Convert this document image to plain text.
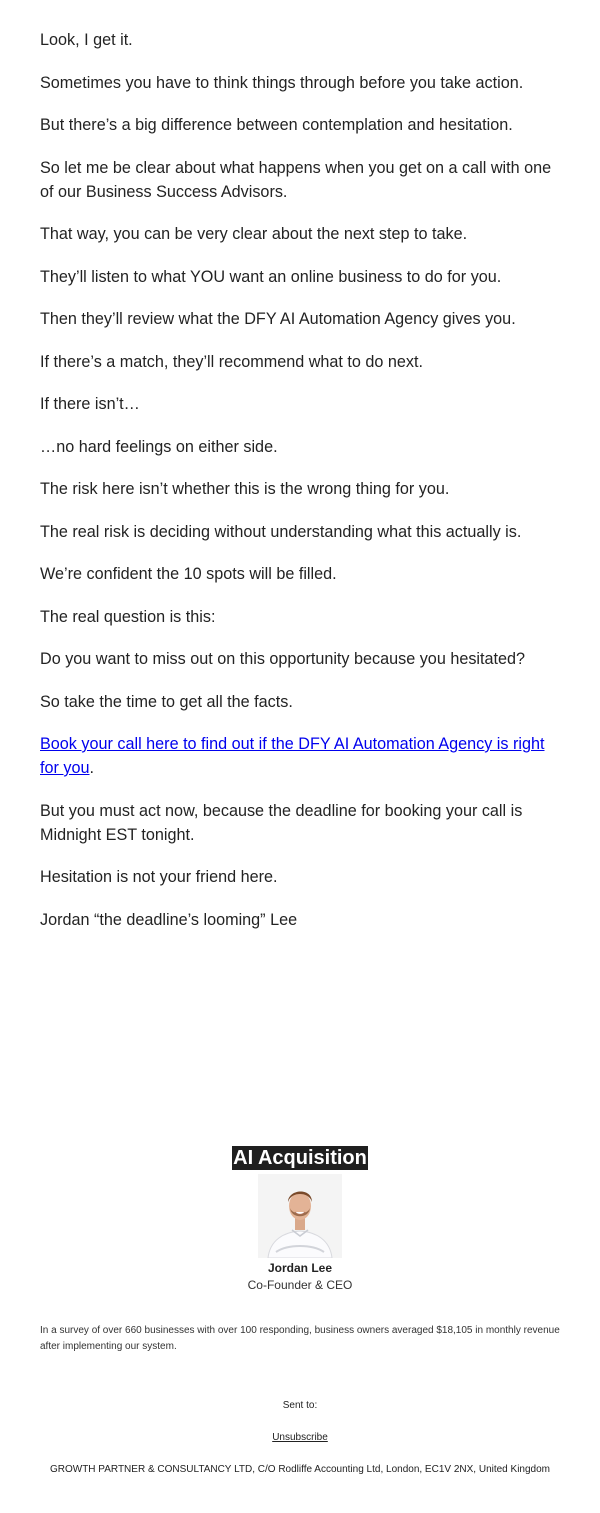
Look, I get it.

Sometimes you have to think things through before you take action.

But there’s a big difference between contemplation and hesitation.

So let me be clear about what happens when you get on a call with one of our Business Success Advisors.

That way, you can be very clear about the next step to take.

They’ll listen to what YOU want an online business to do for you.

Then they’ll review what the DFY AI Automation Agency gives you.

If there’s a match, they’ll recommend what to do next.

If there isn’t…

…no hard feelings on either side.

The risk here isn’t whether this is the wrong thing for you.

The real risk is deciding without understanding what this actually is.

We’re confident the 10 spots will be filled.

The real question is this:

Do you want to miss out on this opportunity because you hesitated?

So take the time to get all the facts.

Book your call here to find out if the DFY AI Automation Agency is right for you.

But you must act now, because the deadline for booking your call is Midnight EST tonight.

Hesitation is not your friend here.

Jordan “the deadline’s looming” Lee

AI Acquisition
Jordan Lee
Co-Founder & CEO
In a survey of over 660 businesses with over 100 responding, business owners averaged $18,105 in monthly revenue after implementing our system.
Sent to:
Unsubscribe
GROWTH PARTNER & CONSULTANCY LTD, C/O Rodliffe Accounting Ltd, London, EC1V 2NX, United Kingdom
